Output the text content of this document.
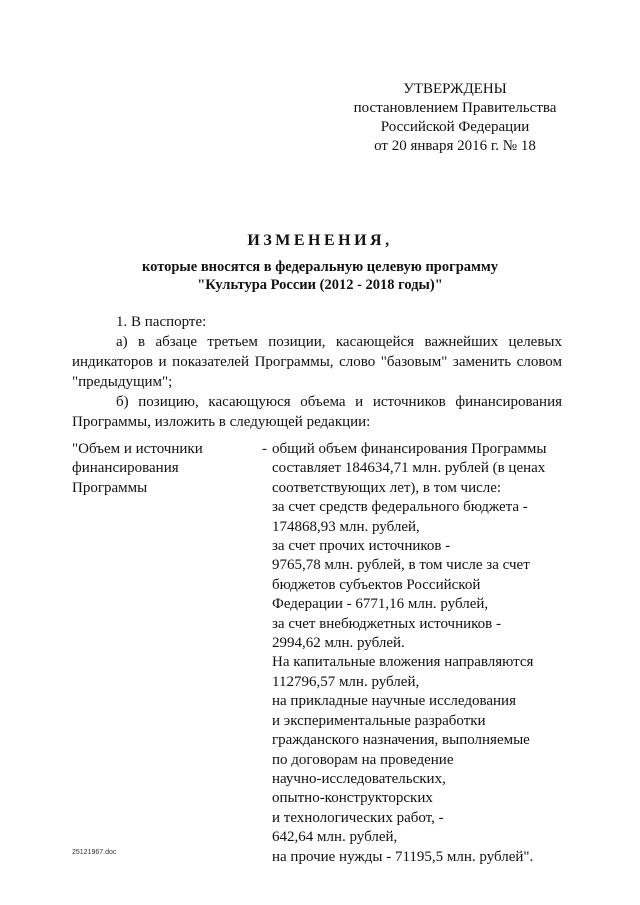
УТВЕРЖДЕНЫ
постановлением Правительства
Российской Федерации
от 20 января 2016 г. № 18
ИЗМЕНЕНИЯ,
которые вносятся в федеральную целевую программу
"Культура России (2012 - 2018 годы)"

1. В паспорте:

а) в абзаце третьем позиции, касающейся важнейших целевых индикаторов и показателей Программы, слово "базовым" заменить словом "предыдущим";

б) позицию, касающуюся объема и источников финансирования Программы, изложить в следующей редакции:

"Объем и источники
финансирования
Программы
- общий объем финансирования Программы
составляет 184634,71 млн. рублей (в ценах
соответствующих лет), в том числе:
за счет средств федерального бюджета -
174868,93 млн. рублей,
за счет прочих источников -
9765,78 млн. рублей, в том числе за счет
бюджетов субъектов Российской
Федерации - 6771,16 млн. рублей,
за счет внебюджетных источников -
2994,62 млн. рублей.
На капитальные вложения направляются
112796,57 млн. рублей,
на прикладные научные исследования
и экспериментальные разработки
гражданского назначения, выполняемые
по договорам на проведение
научно-исследовательских,
опытно-конструкторских
и технологических работ, -
642,64 млн. рублей,
на прочие нужды - 71195,5 млн. рублей".
25121967.doc
